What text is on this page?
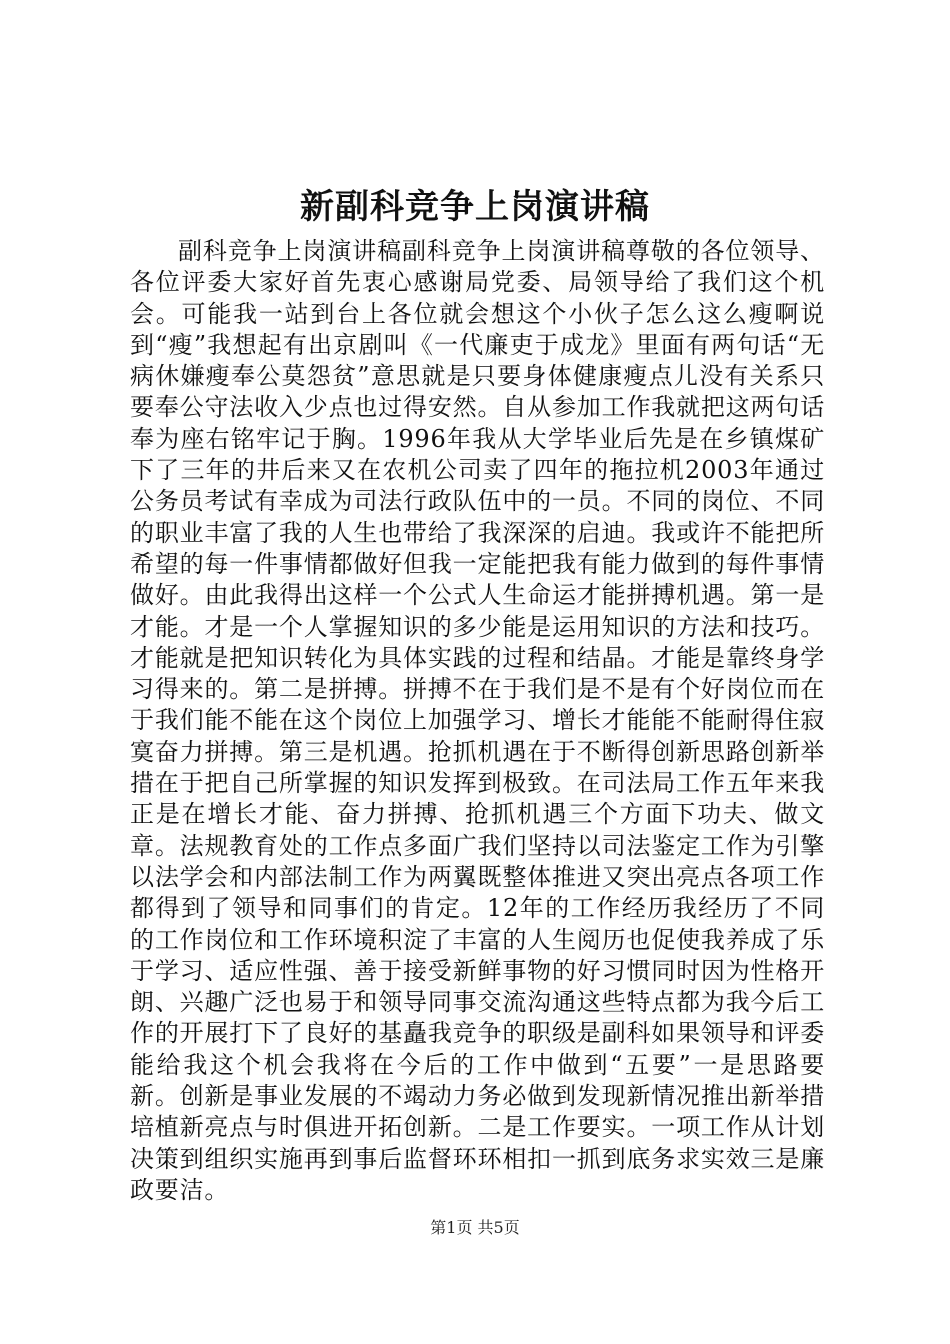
新副科竞争上岗演讲稿

副科竞争上岗演讲稿副科竞争上岗演讲稿尊敬的各位领导、各位评委大家好首先衷心感谢局党委、局领导给了我们这个机会。可能我一站到台上各位就会想这个小伙子怎么这么瘦啊说到“瘦”我想起有出京剧叫《一代廉吏于成龙》里面有两句话“无病休嫌瘦奉公莫怨贫”意思就是只要身体健康瘦点儿没有关系只要奉公守法收入少点也过得安然。自从参加工作我就把这两句话奉为座右铭牢记于胸。1996年我从大学毕业后先是在乡镇煤矿下了三年的井后来又在农机公司卖了四年的拖拉机2003年通过公务员考试有幸成为司法行政队伍中的一员。不同的岗位、不同的职业丰富了我的人生也带给了我深深的启迪。我或许不能把所希望的每一件事情都做好但我一定能把我有能力做到的每件事情做好。由此我得出这样一个公式人生命运才能拼搏机遇。第一是才能。才是一个人掌握知识的多少能是运用知识的方法和技巧。才能就是把知识转化为具体实践的过程和结晶。才能是靠终身学习得来的。第二是拼搏。拼搏不在于我们是不是有个好岗位而在于我们能不能在这个岗位上加强学习、增长才能能不能耐得住寂寞奋力拼搏。第三是机遇。抢抓机遇在于不断得创新思路创新举措在于把自己所掌握的知识发挥到极致。在司法局工作五年来我正是在增长才能、奋力拼搏、抢抓机遇三个方面下功夫、做文章。法规教育处的工作点多面广我们坚持以司法鉴定工作为引擎以法学会和内部法制工作为两翼既整体推进又突出亮点各项工作都得到了领导和同事们的肯定。12年的工作经历我经历了不同的工作岗位和工作环境积淀了丰富的人生阅历也促使我养成了乐于学习、适应性强、善于接受新鲜事物的好习惯同时因为性格开朗、兴趣广泛也易于和领导同事交流沟通这些特点都为我今后工作的开展打下了良好的基矗我竞争的职级是副科如果领导和评委能给我这个机会我将在今后的工作中做到“五要”一是思路要新。创新是事业发展的不竭动力务必做到发现新情况推出新举措培植新亮点与时俱进开拓创新。二是工作要实。一项工作从计划决策到组织实施再到事后监督环环相扣一抓到底务求实效三是廉政要洁。

第1页 共5页
